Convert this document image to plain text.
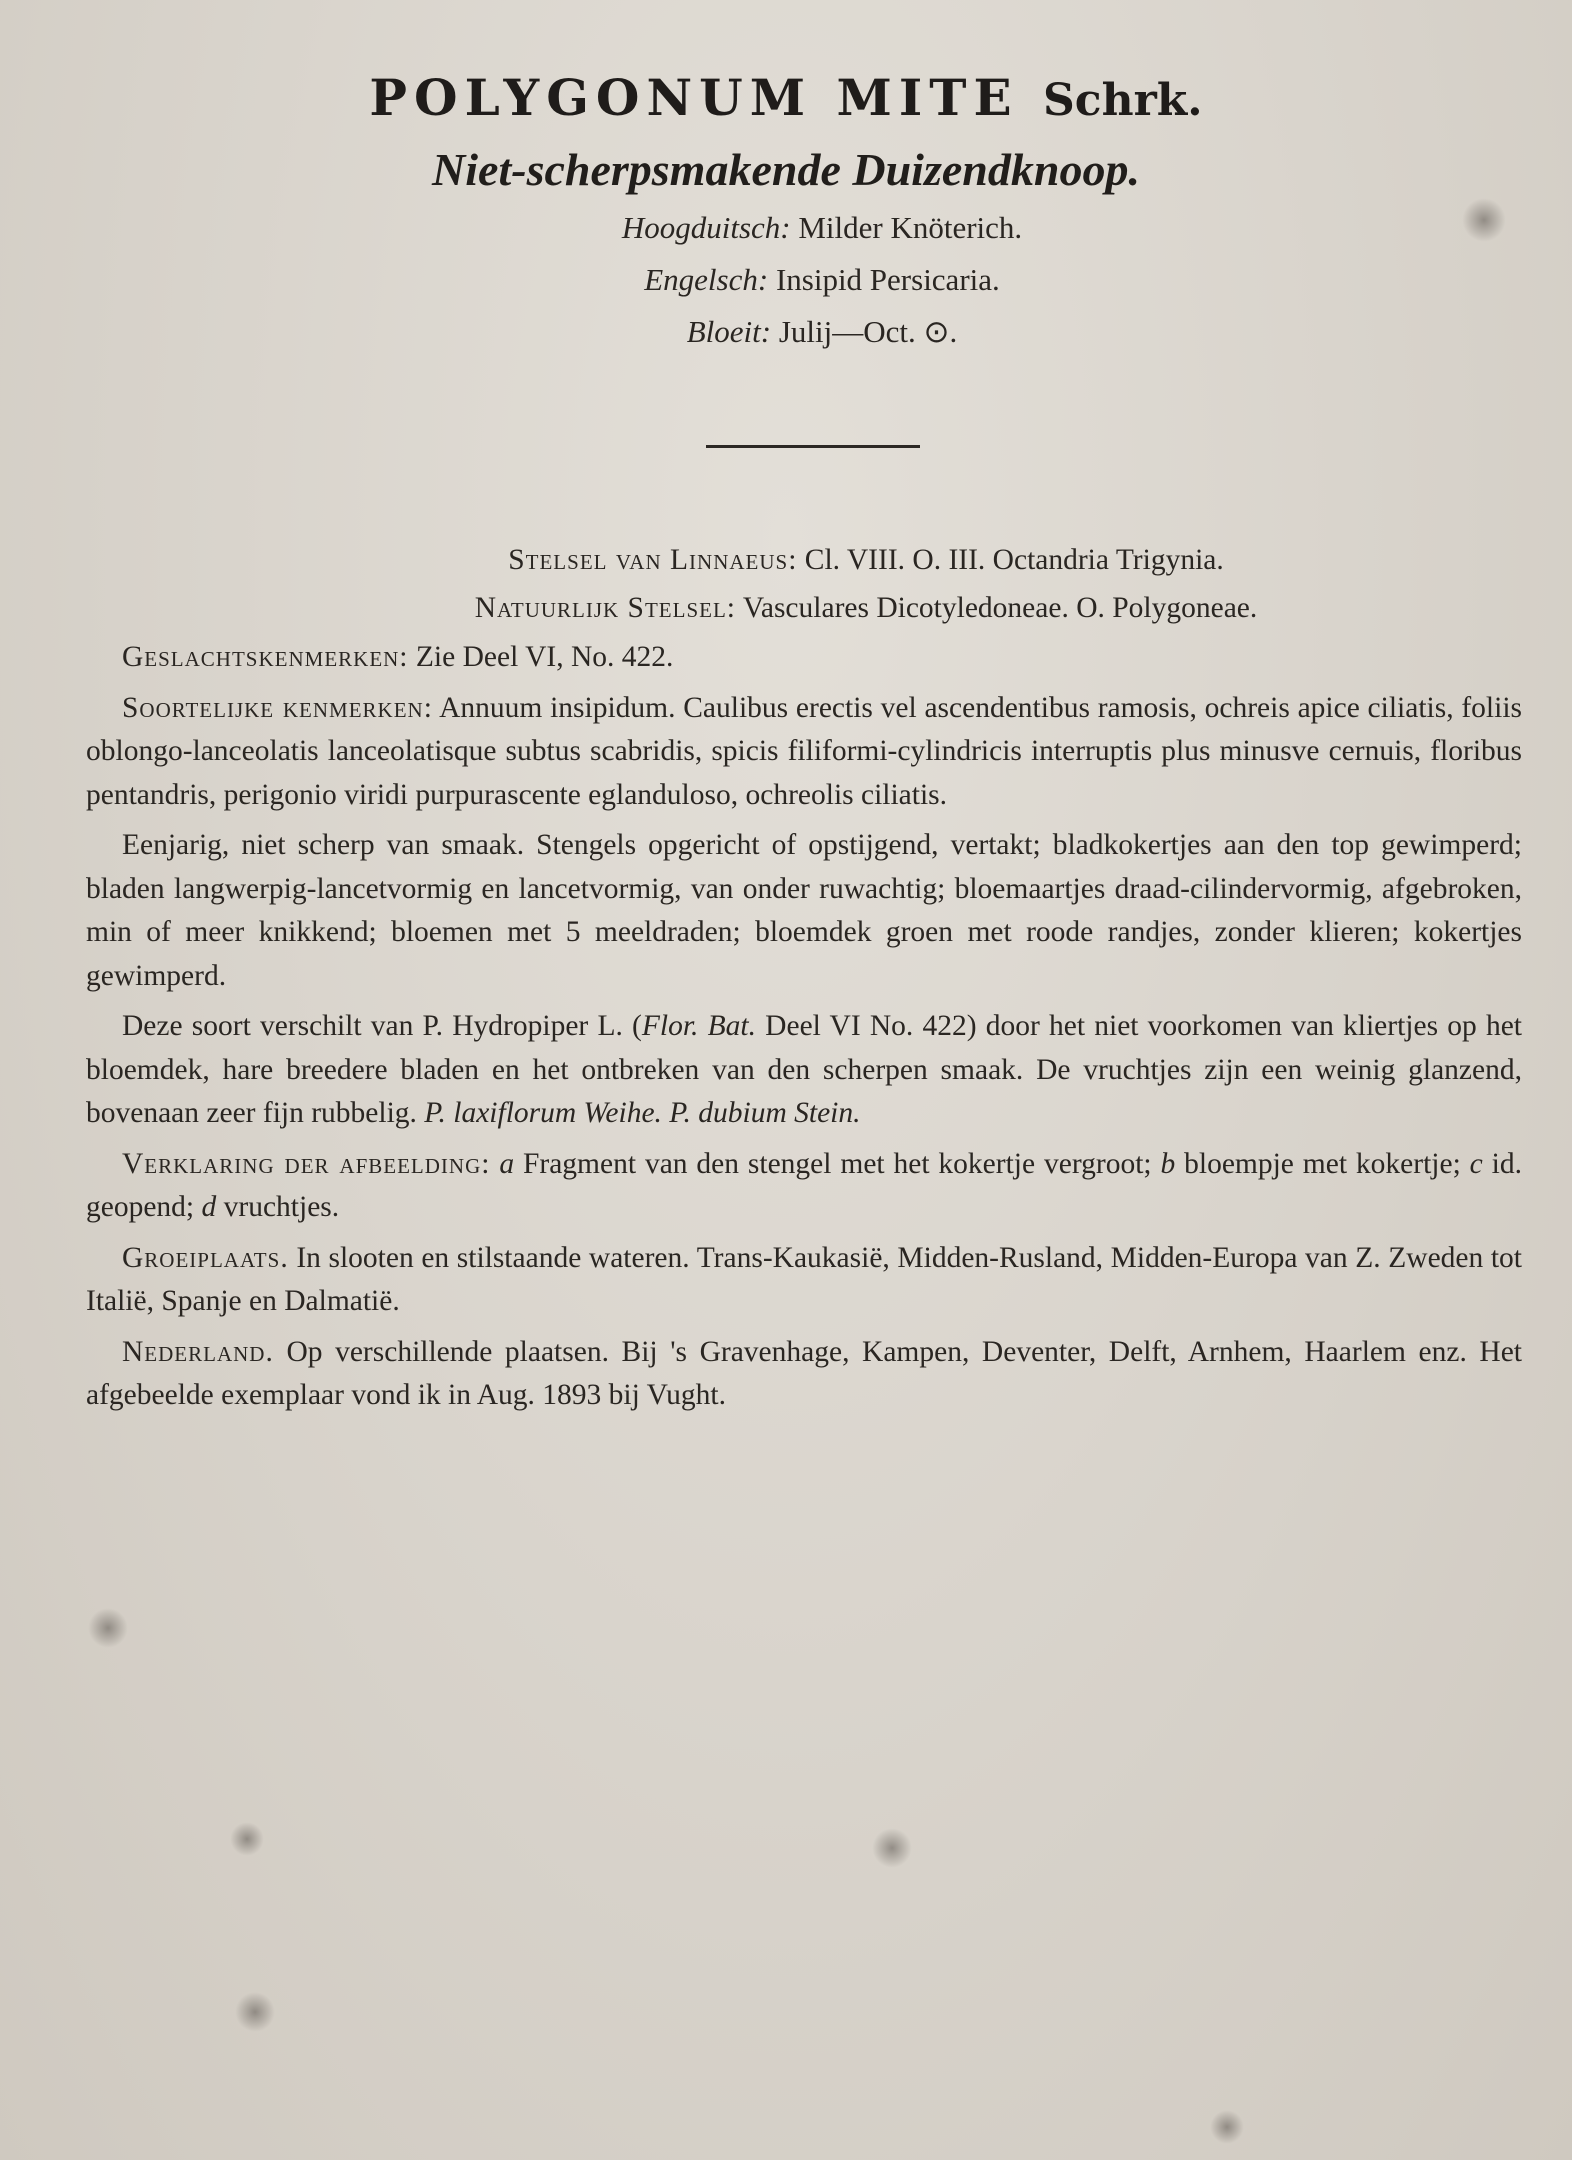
POLYGONUM MITE Schrk.
Niet-scherpsmakende Duizendknoop.
Hoogduitsch: Milder Knöterich.
Engelsch: Insipid Persicaria.
Bloeit: Julij—Oct. ⊙.
Stelsel van Linnaeus: Cl. VIII. O. III. Octandria Trigynia.
Natuurlijk Stelsel: Vasculares Dicotyledoneae. O. Polygoneae.

Geslachtskenmerken: Zie Deel VI, No. 422.

Soortelijke kenmerken: Annuum insipidum. Caulibus erectis vel ascendentibus ramosis, ochreis apice ciliatis, foliis oblongo-lanceolatis lanceolatisque subtus scabridis, spicis filiformi-cylindricis interruptis plus minusve cernuis, floribus pentandris, perigonio viridi purpurascente eglanduloso, ochreolis ciliatis.

Eenjarig, niet scherp van smaak. Stengels opgericht of opstijgend, vertakt; bladkokertjes aan den top gewimperd; bladen langwerpig-lancetvormig en lancetvormig, van onder ruwachtig; bloemaartjes draad-cilindervormig, afgebroken, min of meer knikkend; bloemen met 5 meeldraden; bloemdek groen met roode randjes, zonder klieren; kokertjes gewimperd.

Deze soort verschilt van P. Hydropiper L. (Flor. Bat. Deel VI No. 422) door het niet voorkomen van kliertjes op het bloemdek, hare breedere bladen en het ontbreken van den scherpen smaak. De vruchtjes zijn een weinig glanzend, bovenaan zeer fijn rubbelig. P. laxiflorum Weihe. P. dubium Stein.

Verklaring der afbeelding: a Fragment van den stengel met het kokertje vergroot; b bloempje met kokertje; c id. geopend; d vruchtjes.

Groeiplaats. In slooten en stilstaande wateren. Trans-Kaukasië, Midden-Rusland, Midden-Europa van Z. Zweden tot Italië, Spanje en Dalmatië.

Nederland. Op verschillende plaatsen. Bij 's Gravenhage, Kampen, Deventer, Delft, Arnhem, Haarlem enz. Het afgebeelde exemplaar vond ik in Aug. 1893 bij Vught.
